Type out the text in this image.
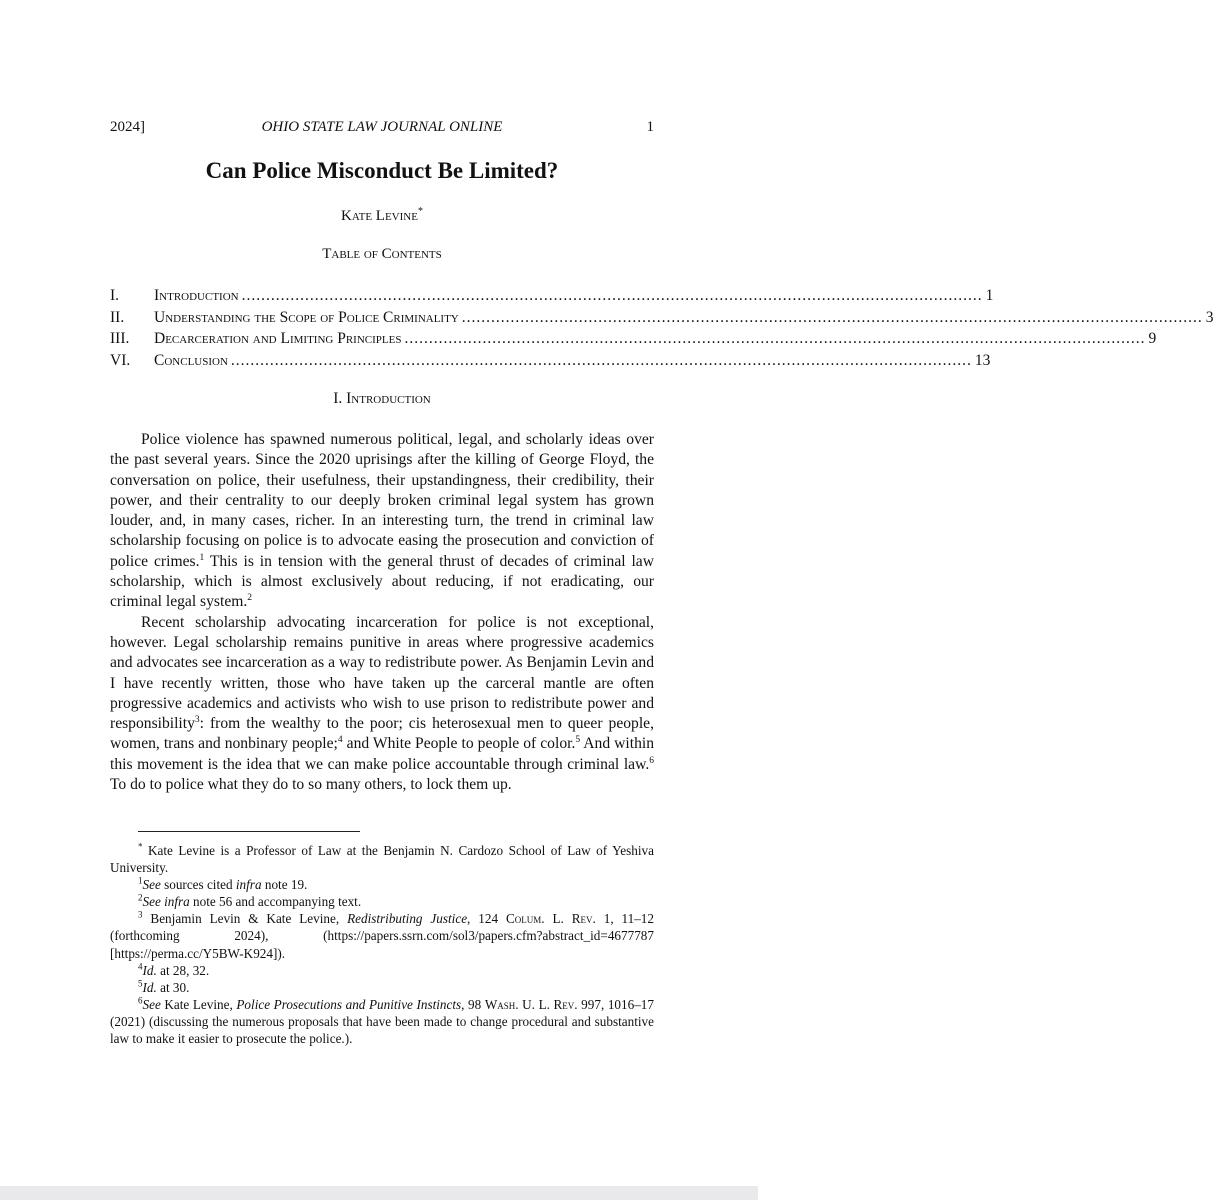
2024]	OHIO STATE LAW JOURNAL ONLINE	1
Can Police Misconduct Be Limited?
Kate Levine*
Table of Contents
I.	Introduction ........................................................................................................................................................ 1
II.	Understanding the Scope of Police Criminality ........................................................................................................................................................ 3
III.	Decarceration and Limiting Principles ........................................................................................................................................................ 9
VI.	Conclusion ........................................................................................................................................................ 13
I. Introduction

Police violence has spawned numerous political, legal, and scholarly ideas over the past several years. Since the 2020 uprisings after the killing of George Floyd, the conversation on police, their usefulness, their upstandingness, their credibility, their power, and their centrality to our deeply broken criminal legal system has grown louder, and, in many cases, richer. In an interesting turn, the trend in criminal law scholarship focusing on police is to advocate easing the prosecution and conviction of police crimes.$^1$ This is in tension with the general thrust of decades of criminal law scholarship, which is almost exclusively about reducing, if not eradicating, our criminal legal system.$^2$

Recent scholarship advocating incarceration for police is not exceptional, however. Legal scholarship remains punitive in areas where progressive academics and advocates see incarceration as a way to redistribute power. As Benjamin Levin and I have recently written, those who have taken up the carceral mantle are often progressive academics and activists who wish to use prison to redistribute power and responsibility$^3$: from the wealthy to the poor; cis heterosexual men to queer people, women, trans and nonbinary people;$^4$ and White People to people of color.$^5$ And within this movement is the idea that we can make police accountable through criminal law.$^6$ To do to police what they do to so many others, to lock them up.

* Kate Levine is a Professor of Law at the Benjamin N. Cardozo School of Law of Yeshiva University.

$^1$See sources cited infra note 19.

$^2$See infra note 56 and accompanying text.

$^3$ Benjamin Levin & Kate Levine, Redistributing Justice, 124 Colum. L. Rev. 1, 11–12 (forthcoming 2024), (https://papers.ssrn.com/sol3/papers.cfm?abstract_id=4677787 [https://perma.cc/Y5BW-K924]).

$^4$Id. at 28, 32.

$^5$Id. at 30.

$^6$See Kate Levine, Police Prosecutions and Punitive Instincts, 98 Wash. U. L. Rev. 997, 1016–17 (2021) (discussing the numerous proposals that have been made to change procedural and substantive law to make it easier to prosecute the police.).
